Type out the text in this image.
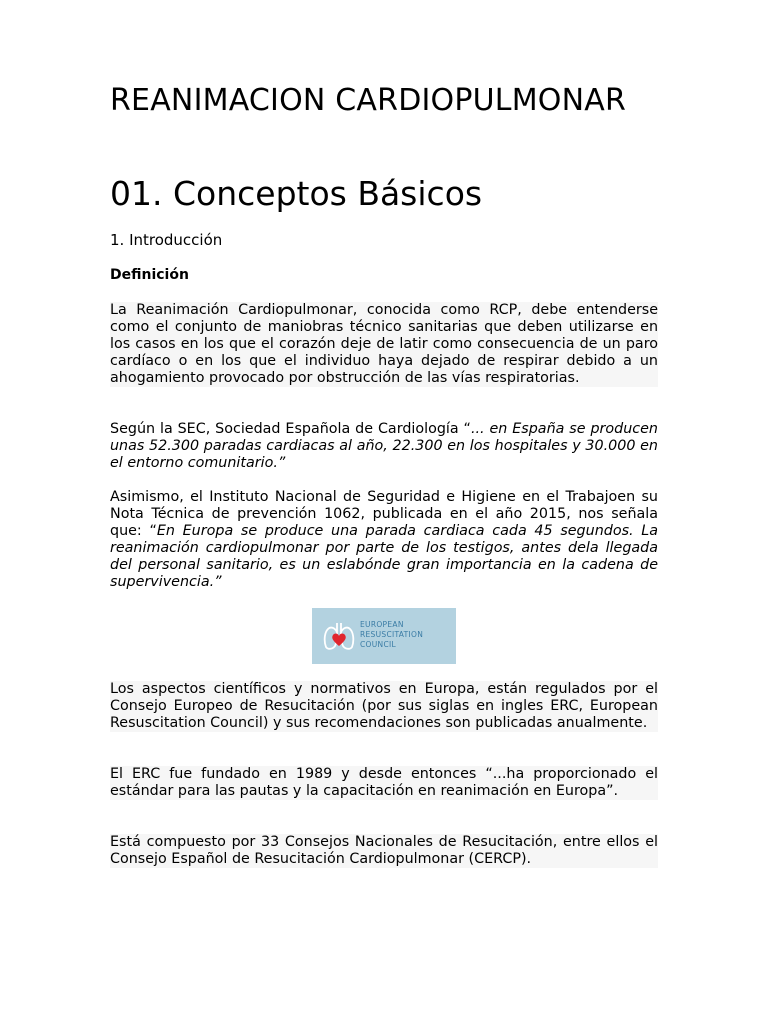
REANIMACION CARDIOPULMONAR
01. Conceptos Básicos
1. Introducción
Definición

La Reanimación Cardiopulmonar, conocida como RCP, debe entenderse como el conjunto de maniobras técnico sanitarias que deben utilizarse en los casos en los que el corazón deje de latir como consecuencia de un paro cardíaco o en los que el individuo haya dejado de respirar debido a un ahogamiento provocado por obstrucción de las vías respiratorias.

Según la SEC, Sociedad Española de Cardiología “... en España se producen unas 52.300 paradas cardiacas al año, 22.300 en los hospitales y 30.000 en el entorno comunitario.”

Asimismo, el Instituto Nacional de Seguridad e Higiene en el Trabajoen su Nota Técnica de prevención 1062, publicada en el año 2015, nos señala que: “En Europa se produce una parada cardiaca cada 45 segundos. La reanimación cardiopulmonar por parte de los testigos, antes dela llegada del personal sanitario, es un eslabónde gran importancia en la cadena de supervivencia.”

EUROPEAN
RESUSCITATION
COUNCIL

Los aspectos científicos y normativos en Europa, están regulados por el Consejo Europeo de Resucitación (por sus siglas en ingles ERC, European Resuscitation Council) y sus recomendaciones son publicadas anualmente.

El ERC fue fundado en 1989 y desde entonces “...ha proporcionado el estándar para las pautas y la capacitación en reanimación en Europa”.

Está compuesto por 33 Consejos Nacionales de Resucitación, entre ellos el Consejo Español de Resucitación Cardiopulmonar (CERCP).
